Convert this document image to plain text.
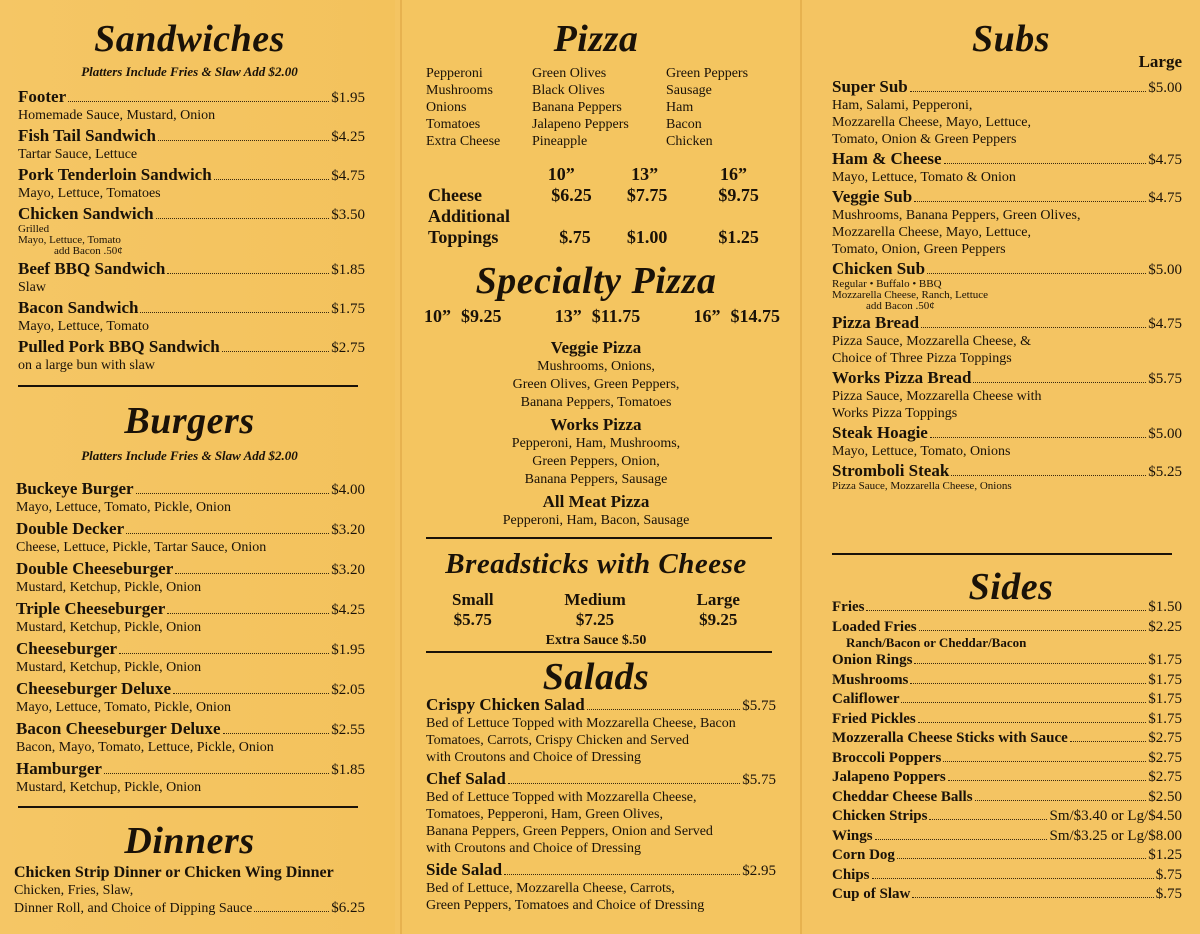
Sandwiches

Platters Include Fries & Slaw Add $2.00

Footer	$1.95
Homemade Sauce, Mustard, Onion
Fish Tail Sandwich	$4.25
Tartar Sauce, Lettuce
Pork Tenderloin Sandwich	$4.75
Mayo, Lettuce, Tomatoes
Chicken Sandwich	$3.50
Grilled
Mayo, Lettuce, Tomato
add Bacon .50¢
Beef BBQ Sandwich	$1.85
Slaw
Bacon Sandwich	$1.75
Mayo, Lettuce, Tomato
Pulled Pork BBQ Sandwich	$2.75
on a large bun with slaw
Burgers

Platters Include Fries & Slaw Add $2.00

Buckeye Burger	$4.00
Mayo, Lettuce, Tomato, Pickle, Onion
Double Decker	$3.20
Cheese, Lettuce, Pickle, Tartar Sauce, Onion
Double Cheeseburger	$3.20
Mustard, Ketchup, Pickle, Onion
Triple Cheeseburger	$4.25
Mustard, Ketchup, Pickle, Onion
Cheeseburger	$1.95
Mustard, Ketchup, Pickle, Onion
Cheeseburger Deluxe	$2.05
Mayo, Lettuce, Tomato, Pickle, Onion
Bacon Cheeseburger Deluxe	$2.55
Bacon, Mayo, Tomato, Lettuce, Pickle, Onion
Hamburger	$1.85
Mustard, Ketchup, Pickle, Onion
Dinners
Chicken Strip Dinner or Chicken Wing Dinner
Chicken, Fries, Slaw,
Dinner Roll, and Choice of Dipping Sauce	$6.25
Pizza
Pepperoni	Green Olives	Green Peppers
Mushrooms	Black Olives	Sausage
Onions	Banana Peppers	Ham
Tomatoes	Jalapeno Peppers	Bacon
Extra Cheese	Pineapple	Chicken
10”	13”	16”
Cheese	$6.25	$7.75	$9.75
Additional
Toppings	$.75	$1.00	$1.25
Specialty Pizza
10” $9.25	13” $11.75	16” $14.75
Veggie Pizza
Mushrooms, Onions,
Green Olives, Green Peppers,
Banana Peppers, Tomatoes
Works Pizza
Pepperoni, Ham, Mushrooms,
Green Peppers, Onion,
Banana Peppers, Sausage
All Meat Pizza
Pepperoni, Ham, Bacon, Sausage
Breadsticks with Cheese
Small
$5.75
Medium
$7.25
Large
$9.25
Extra Sauce $.50
Salads
Crispy Chicken Salad	$5.75
Bed of Lettuce Topped with Mozzarella Cheese, Bacon
Tomatoes, Carrots, Crispy Chicken and Served
with Croutons and Choice of Dressing
Chef Salad	$5.75
Bed of Lettuce Topped with Mozzarella Cheese,
Tomatoes, Pepperoni, Ham, Green Olives,
Banana Peppers, Green Peppers, Onion and Served
with Croutons and Choice of Dressing
Side Salad	$2.95
Bed of Lettuce, Mozzarella Cheese, Carrots,
Green Peppers, Tomatoes and Choice of Dressing
Subs
Large
Super Sub	$5.00
Ham, Salami, Pepperoni,
Mozzarella Cheese, Mayo, Lettuce,
Tomato, Onion & Green Peppers
Ham & Cheese	$4.75
Mayo, Lettuce, Tomato & Onion
Veggie Sub	$4.75
Mushrooms, Banana Peppers, Green Olives,
Mozzarella Cheese, Mayo, Lettuce,
Tomato, Onion, Green Peppers
Chicken Sub	$5.00
Regular • Buffalo • BBQ
Mozzarella Cheese, Ranch, Lettuce
add Bacon .50¢
Pizza Bread	$4.75
Pizza Sauce, Mozzarella Cheese, &
Choice of Three Pizza Toppings
Works Pizza Bread	$5.75
Pizza Sauce, Mozzarella Cheese with
Works Pizza Toppings
Steak Hoagie	$5.00
Mayo, Lettuce, Tomato, Onions
Stromboli Steak	$5.25
Pizza Sauce, Mozzarella Cheese, Onions
Sides
Fries	$1.50
Loaded Fries	$2.25
Ranch/Bacon or Cheddar/Bacon
Onion Rings	$1.75
Mushrooms	$1.75
Califlower	$1.75
Fried Pickles	$1.75
Mozzeralla Cheese Sticks with Sauce	$2.75
Broccoli Poppers	$2.75
Jalapeno Poppers	$2.75
Cheddar Cheese Balls	$2.50
Chicken Strips	Sm/$3.40 or Lg/$4.50
Wings	Sm/$3.25 or Lg/$8.00
Corn Dog	$1.25
Chips	$.75
Cup of Slaw	$.75
